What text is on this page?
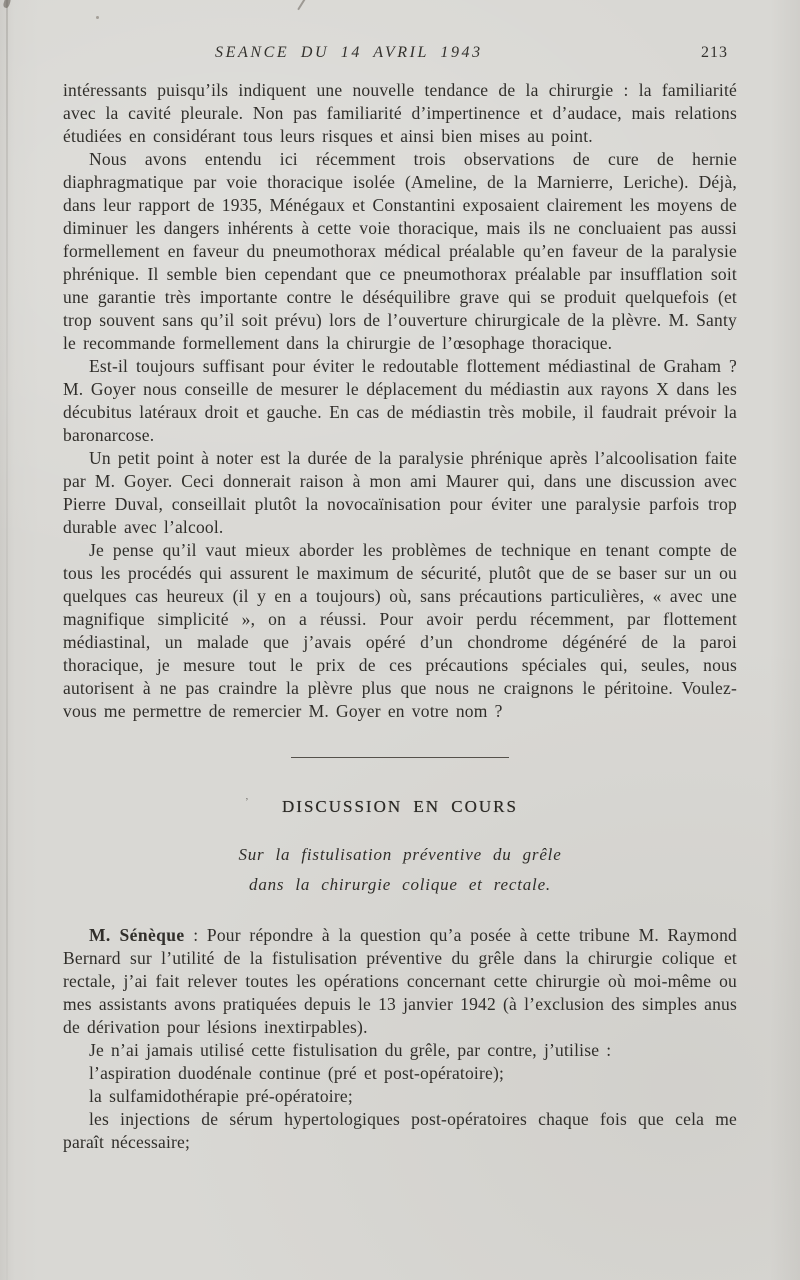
SEANCE DU 14 AVRIL 1943	213

intéressants puisqu’ils indiquent une nouvelle tendance de la chirurgie : la familiarité avec la cavité pleurale. Non pas familiarité d’impertinence et d’audace, mais relations étudiées en considérant tous leurs risques et ainsi bien mises au point.

Nous avons entendu ici récemment trois observations de cure de hernie diaphragmatique par voie thoracique isolée (Ameline, de la Marnierre, Leriche). Déjà, dans leur rapport de 1935, Ménégaux et Constantini exposaient clairement les moyens de diminuer les dangers inhérents à cette voie thoracique, mais ils ne concluaient pas aussi formellement en faveur du pneumothorax médical préalable qu’en faveur de la paralysie phrénique. Il semble bien cependant que ce pneumothorax préalable par insufflation soit une garantie très importante contre le déséquilibre grave qui se produit quelquefois (et trop souvent sans qu’il soit prévu) lors de l’ouverture chirurgicale de la plèvre. M. Santy le recommande formellement dans la chirurgie de l’œsophage thoracique.

Est-il toujours suffisant pour éviter le redoutable flottement médiastinal de Graham ? M. Goyer nous conseille de mesurer le déplacement du médiastin aux rayons X dans les décubitus latéraux droit et gauche. En cas de médiastin très mobile, il faudrait prévoir la baronarcose.

Un petit point à noter est la durée de la paralysie phrénique après l’alcoolisation faite par M. Goyer. Ceci donnerait raison à mon ami Maurer qui, dans une discussion avec Pierre Duval, conseillait plutôt la novocaïnisation pour éviter une paralysie parfois trop durable avec l’alcool.

Je pense qu’il vaut mieux aborder les problèmes de technique en tenant compte de tous les procédés qui assurent le maximum de sécurité, plutôt que de se baser sur un ou quelques cas heureux (il y en a toujours) où, sans précautions particulières, « avec une magnifique simplicité », on a réussi. Pour avoir perdu récemment, par flottement médiastinal, un malade que j’avais opéré d’un chondrome dégénéré de la paroi thoracique, je mesure tout le prix de ces précautions spéciales qui, seules, nous autorisent à ne pas craindre la plèvre plus que nous ne craignons le péritoine. Voulez-vous me permettre de remercier M. Goyer en votre nom ?

’	DISCUSSION EN COURS

Sur la fistulisation préventive du grêle

dans la chirurgie colique et rectale.

M. Sénèque : Pour répondre à la question qu’a posée à cette tribune M. Raymond Bernard sur l’utilité de la fistulisation préventive du grêle dans la chirurgie colique et rectale, j’ai fait relever toutes les opérations concernant cette chirurgie où moi-même ou mes assistants avons pratiquées depuis le 13 janvier 1942 (à l’exclusion des simples anus de dérivation pour lésions inextirpables).

Je n’ai jamais utilisé cette fistulisation du grêle, par contre, j’utilise :

l’aspiration duodénale continue (pré et post-opératoire);

la sulfamidothérapie pré-opératoire;

les injections de sérum hypertologiques post-opératoires chaque fois que cela me paraît nécessaire;
